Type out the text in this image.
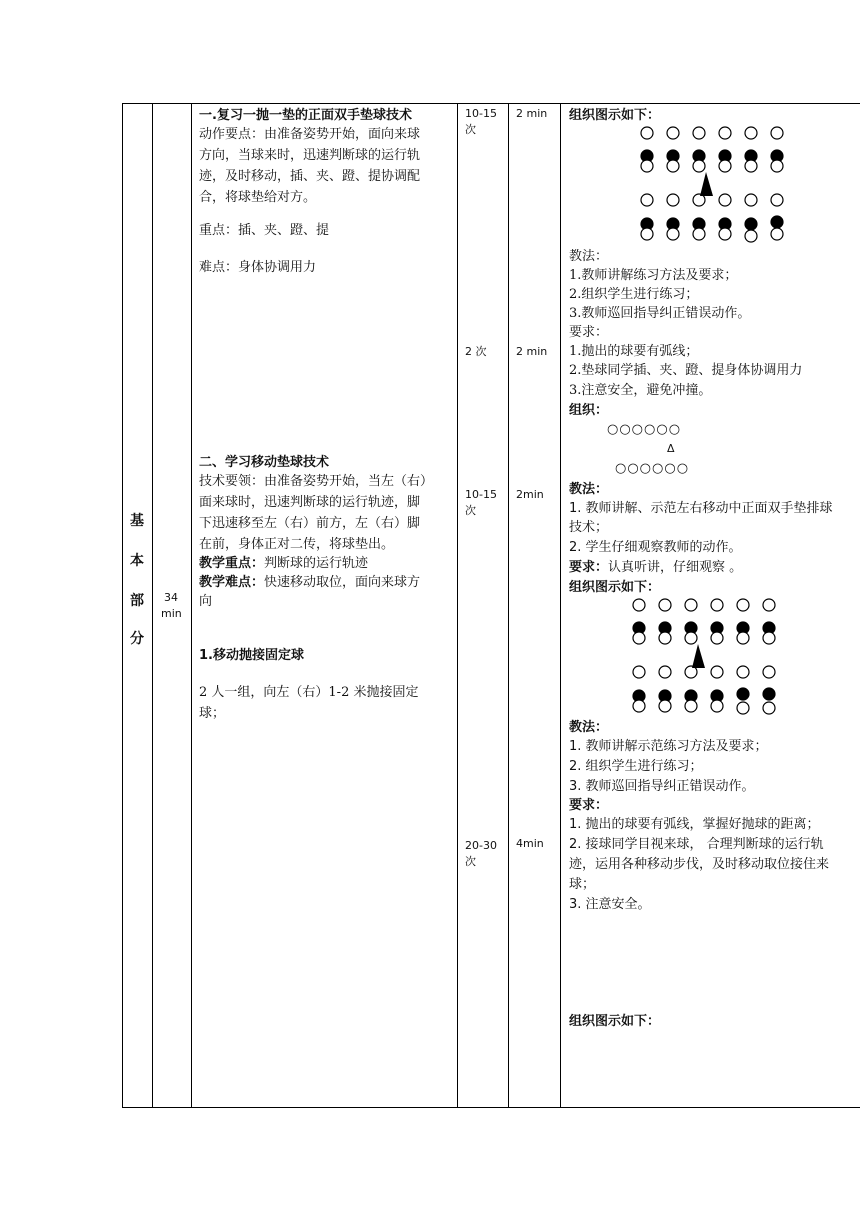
基
本
部
分
34
min
一.复习一抛一垫的正面双手垫球技术
动作要点：由准备姿势开始，面向来球
方向，当球来时，迅速判断球的运行轨
迹，及时移动，插、夹、蹬、提协调配
合，将球垫给对方。
重点：插、夹、蹬、提
难点：身体协调用力
二、学习移动垫球技术
技术要领：由准备姿势开始，当左（右）
面来球时，迅速判断球的运行轨迹，脚
下迅速移至左（右）前方，左（右）脚
在前，身体正对二传，将球垫出。
教学重点：判断球的运行轨迹
教学难点：快速移动取位，面向来球方
向
1.移动抛接固定球
2 人一组，向左（右）1-2 米抛接固定
球；
10-15
次
2 次
10-15
次
20-30
次
2 min
2 min
2min
4min
组织图示如下：
教法：
1.教师讲解练习方法及要求；
2.组织学生进行练习；
3.教师巡回指导纠正错误动作。
要求：
1.抛出的球要有弧线；
2.垫球同学插、夹、蹬、提身体协调用力
3.注意安全，避免冲撞。
组织：
○○○○○○
Δ
○○○○○○
教法：
1. 教师讲解、示范左右移动中正面双手垫排球
技术；
2. 学生仔细观察教师的动作。
要求：认真听讲，仔细观察 。
组织图示如下：
教法：
1. 教师讲解示范练习方法及要求；
2. 组织学生进行练习；
3. 教师巡回指导纠正错误动作。
要求：
1. 抛出的球要有弧线，掌握好抛球的距离；
2. 接球同学目视来球， 合理判断球的运行轨
迹，运用各种移动步伐，及时移动取位接住来
球；
3. 注意安全。
组织图示如下：
